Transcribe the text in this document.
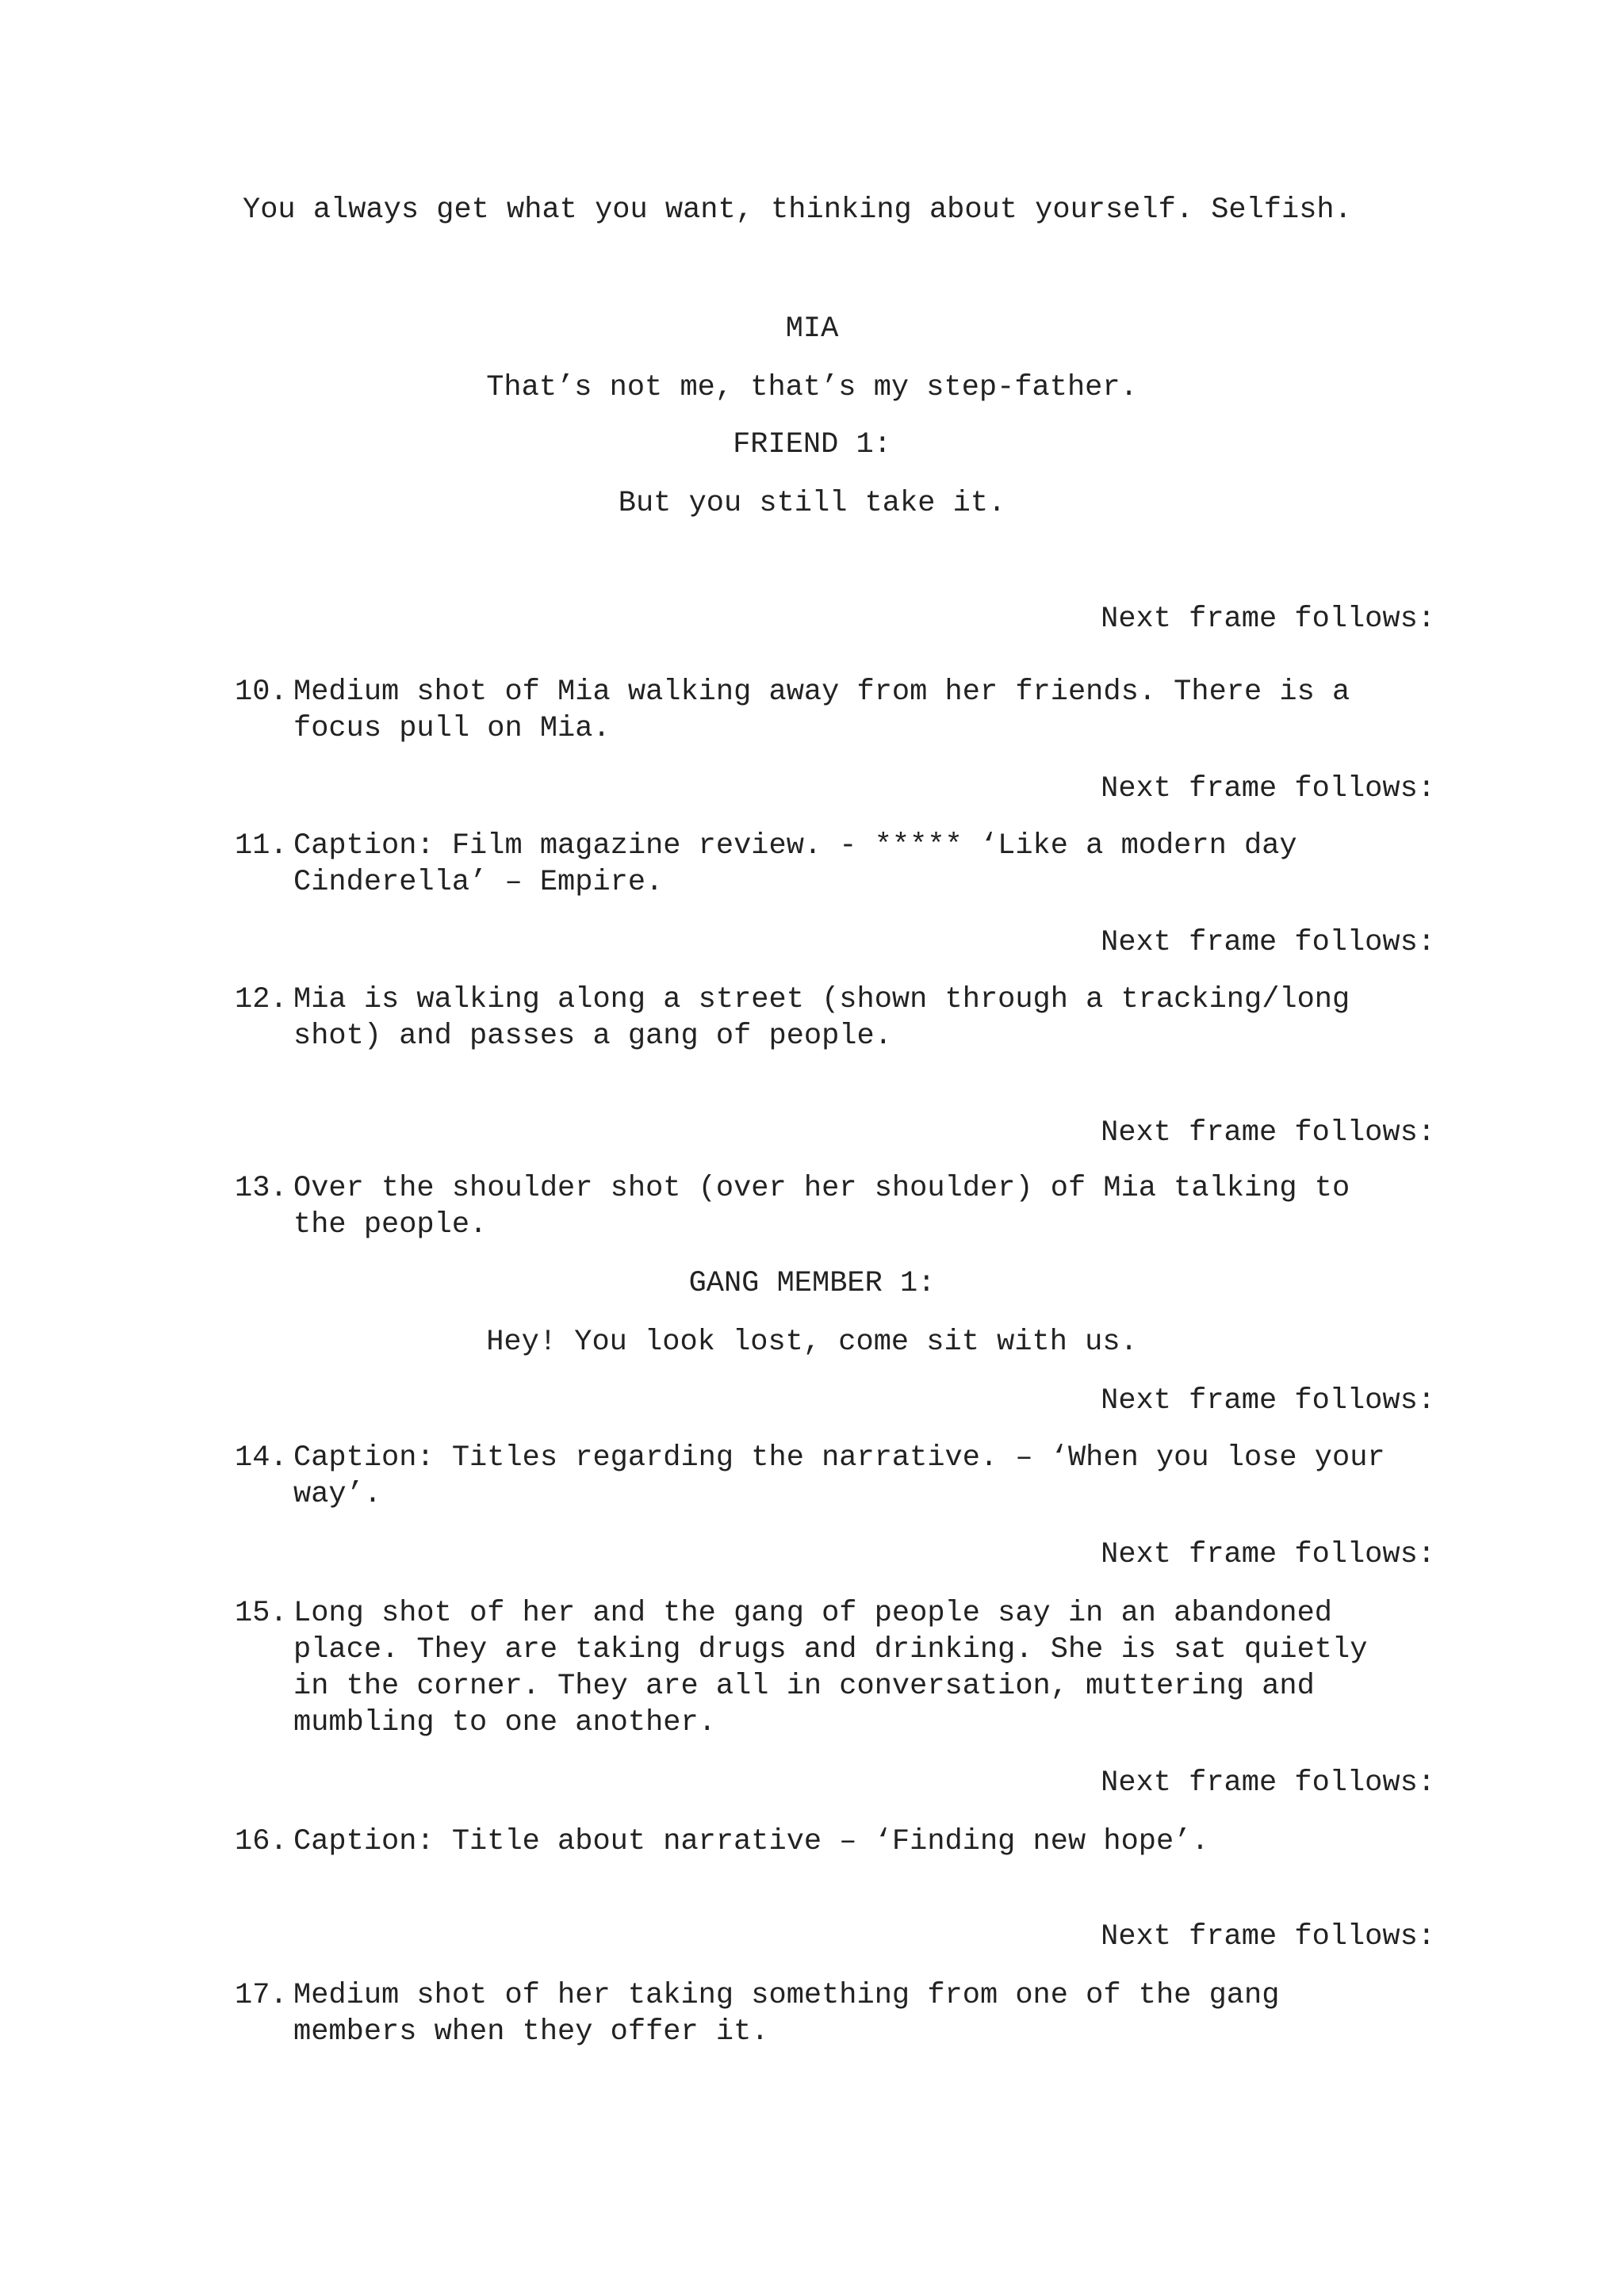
You always get what you want, thinking about yourself. Selfish.
MIA
That’s not me, that’s my step-father.
FRIEND 1:
But you still take it.
Next frame follows:
10. Medium shot of Mia walking away from her friends. There is a
focus pull on Mia.
Next frame follows:
11. Caption: Film magazine review. - ***** ‘Like a modern day
Cinderella’ – Empire.
Next frame follows:
12. Mia is walking along a street (shown through a tracking/long
shot) and passes a gang of people.
Next frame follows:
13. Over the shoulder shot (over her shoulder) of Mia talking to
the people.
GANG MEMBER 1:
Hey! You look lost, come sit with us.
Next frame follows:
14. Caption: Titles regarding the narrative. – ‘When you lose your
way’.
Next frame follows:
15. Long shot of her and the gang of people say in an abandoned
place. They are taking drugs and drinking. She is sat quietly
in the corner. They are all in conversation, muttering and
mumbling to one another.
Next frame follows:
16. Caption: Title about narrative – ‘Finding new hope’.
Next frame follows:
17. Medium shot of her taking something from one of the gang
members when they offer it.
